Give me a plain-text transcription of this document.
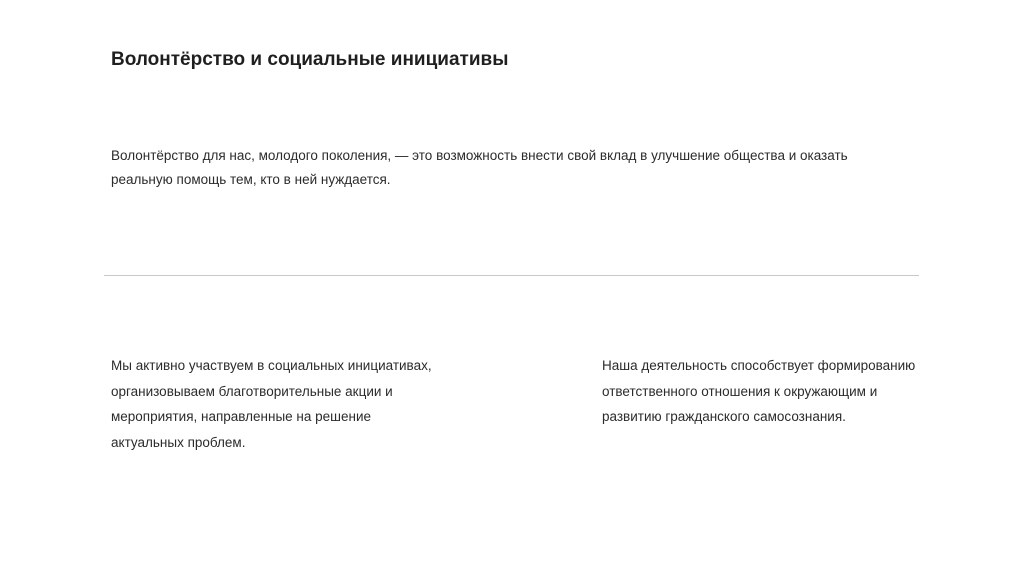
Волонтёрство и социальные инициативы

Волонтёрство для нас, молодого поколения, — это возможность внести свой вклад в улучшение общества и оказать
реальную помощь тем, кто в ней нуждается.

Мы активно участвуем в социальных инициативах,
организовываем благотворительные акции и
мероприятия, направленные на решение
актуальных проблем.

Наша деятельность способствует формированию
ответственного отношения к окружающим и
развитию гражданского самосознания.
